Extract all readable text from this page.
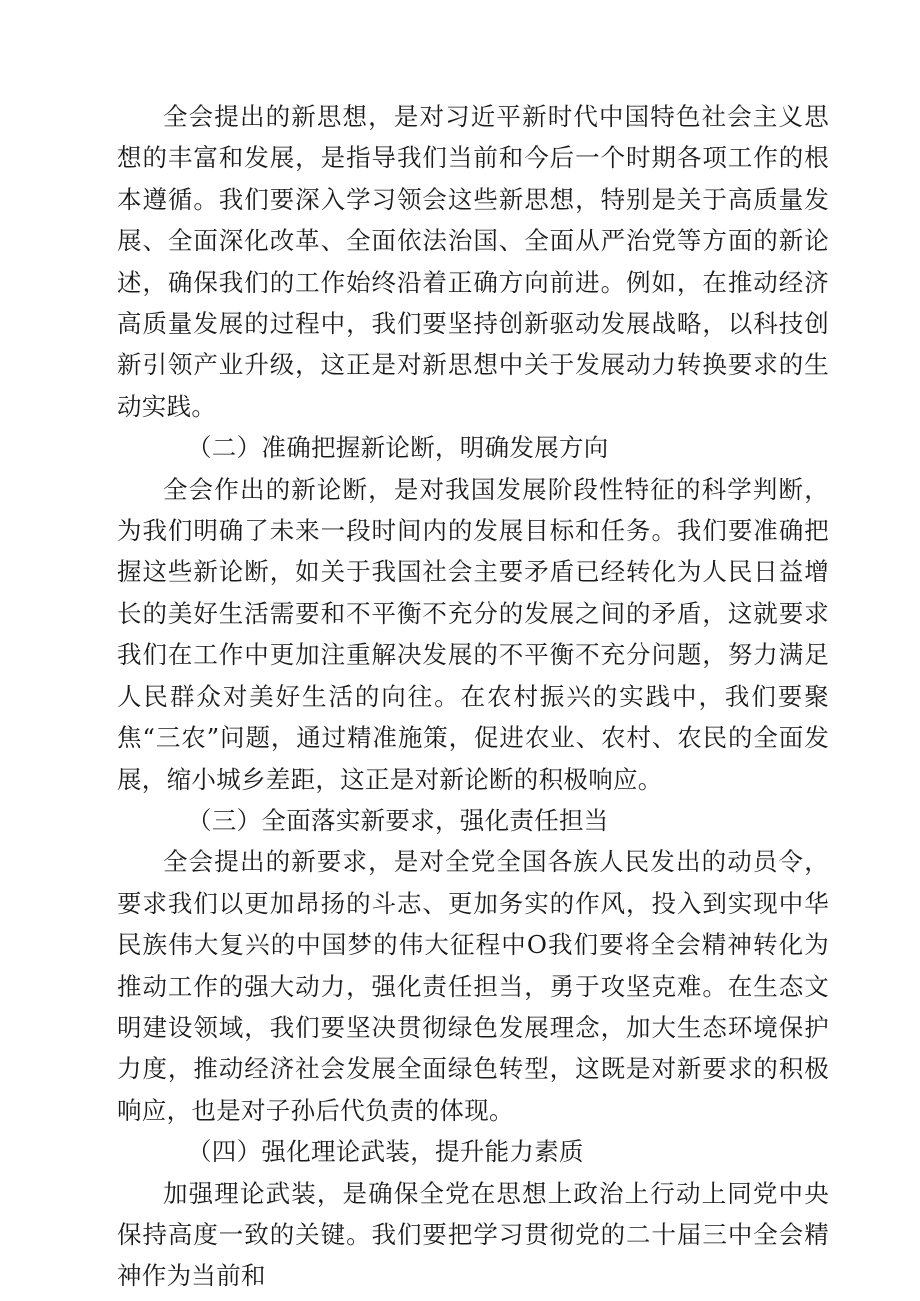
全会提出的新思想，是对习近平新时代中国特色社会主义思想的丰富和发展，是指导我们当前和今后一个时期各项工作的根本遵循。我们要深入学习领会这些新思想，特别是关于高质量发展、全面深化改革、全面依法治国、全面从严治党等方面的新论述，确保我们的工作始终沿着正确方向前进。例如，在推动经济高质量发展的过程中，我们要坚持创新驱动发展战略，以科技创新引领产业升级，这正是对新思想中关于发展动力转换要求的生动实践。

（二）准确把握新论断，明确发展方向

全会作出的新论断，是对我国发展阶段性特征的科学判断，为我们明确了未来一段时间内的发展目标和任务。我们要准确把握这些新论断，如关于我国社会主要矛盾已经转化为人民日益增长的美好生活需要和不平衡不充分的发展之间的矛盾，这就要求我们在工作中更加注重解决发展的不平衡不充分问题，努力满足人民群众对美好生活的向往。在农村振兴的实践中，我们要聚焦“三农”问题，通过精准施策，促进农业、农村、农民的全面发展，缩小城乡差距，这正是对新论断的积极响应。

（三）全面落实新要求，强化责任担当

全会提出的新要求，是对全党全国各族人民发出的动员令，要求我们以更加昂扬的斗志、更加务实的作风，投入到实现中华民族伟大复兴的中国梦的伟大征程中O我们要将全会精神转化为推动工作的强大动力，强化责任担当，勇于攻坚克难。在生态文明建设领域，我们要坚决贯彻绿色发展理念，加大生态环境保护力度，推动经济社会发展全面绿色转型，这既是对新要求的积极响应，也是对子孙后代负责的体现。

（四）强化理论武装，提升能力素质

加强理论武装，是确保全党在思想上政治上行动上同党中央保持高度一致的关键。我们要把学习贯彻党的二十届三中全会精神作为当前和
